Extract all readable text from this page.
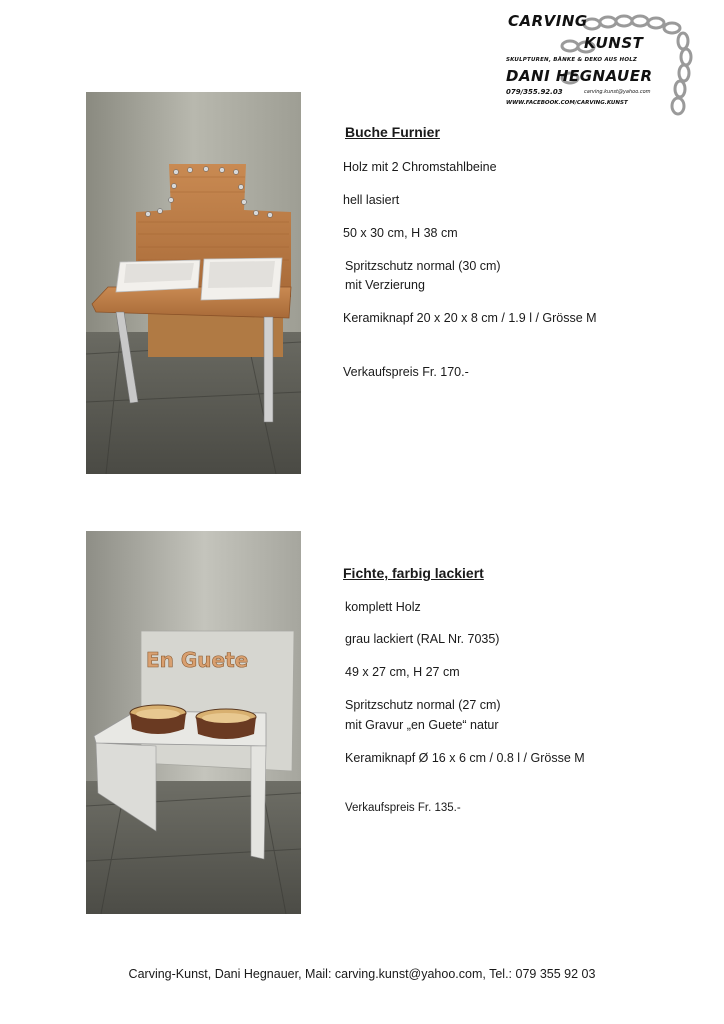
CARVING
KUNST
SKULPTUREN, BÄNKE & DEKO AUS HOLZ
DANI HEGNAUER
079/355.92.03	carving.kunst@yahoo.com
WWW.FACEBOOK.COM/CARVING.KUNST
Buche Furnier
Holz mit 2 Chromstahlbeine
hell lasiert
50 x 30 cm, H 38 cm
Spritzschutz normal (30 cm)
mit Verzierung
Keramiknapf 20 x 20 x 8 cm / 1.9 l / Grösse M
Verkaufspreis Fr. 170.-
En Guete
Fichte, farbig lackiert
komplett Holz
grau lackiert (RAL Nr. 7035)
49 x 27 cm, H 27 cm
Spritzschutz normal (27 cm)
mit Gravur „en Guete“ natur
Keramiknapf Ø 16 x 6 cm / 0.8 l / Grösse M
Verkaufspreis Fr. 135.-
Carving-Kunst, Dani Hegnauer, Mail: carving.kunst@yahoo.com, Tel.: 079 355 92 03
